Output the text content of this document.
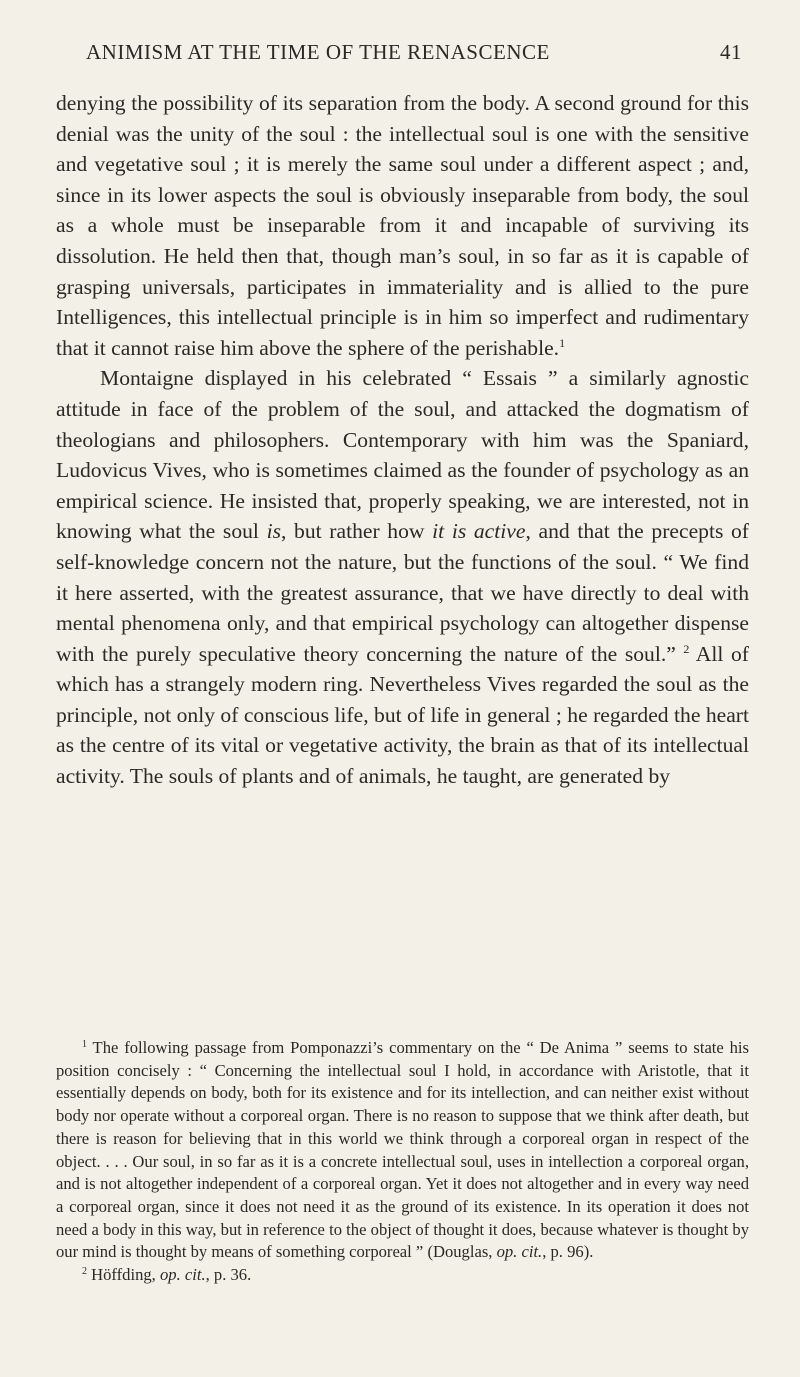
ANIMISM AT THE TIME OF THE RENASCENCE	41

denying the possibility of its separation from the body. A second ground for this denial was the unity of the soul : the intellectual soul is one with the sensitive and vegetative soul ; it is merely the same soul under a different aspect ; and, since in its lower aspects the soul is obviously inseparable from body, the soul as a whole must be inseparable from it and incapable of surviving its dissolution. He held then that, though man’s soul, in so far as it is capable of grasping universals, participates in immateriality and is allied to the pure Intelligences, this intellectual principle is in him so imperfect and rudimentary that it cannot raise him above the sphere of the perishable.$^1$

Montaigne displayed in his celebrated “ Essais ” a similarly agnostic attitude in face of the problem of the soul, and attacked the dogmatism of theologians and philosophers. Contemporary with him was the Spaniard, Ludovicus Vives, who is sometimes claimed as the founder of psychology as an empirical science. He insisted that, properly speaking, we are interested, not in knowing what the soul is, but rather how it is active, and that the precepts of self-knowledge concern not the nature, but the functions of the soul. “ We find it here asserted, with the greatest assurance, that we have directly to deal with mental phenomena only, and that empirical psychology can altogether dispense with the purely speculative theory concerning the nature of the soul.” $^2$ All of which has a strangely modern ring. Nevertheless Vives regarded the soul as the principle, not only of conscious life, but of life in general ; he regarded the heart as the centre of its vital or vegetative activity, the brain as that of its intellectual activity. The souls of plants and of animals, he taught, are generated by

$^1$ The following passage from Pomponazzi’s commentary on the “ De Anima ” seems to state his position concisely : “ Concerning the intellectual soul I hold, in accordance with Aristotle, that it essentially depends on body, both for its existence and for its intellection, and can neither exist without body nor operate without a corporeal organ. There is no reason to suppose that we think after death, but there is reason for believing that in this world we think through a corporeal organ in respect of the object. . . . Our soul, in so far as it is a concrete intellectual soul, uses in intellection a corporeal organ, and is not altogether independent of a corporeal organ. Yet it does not altogether and in every way need a corporeal organ, since it does not need it as the ground of its existence. In its operation it does not need a body in this way, but in reference to the object of thought it does, because whatever is thought by our mind is thought by means of something corporeal ” (Douglas, op. cit., p. 96).

$^2$ Höffding, op. cit., p. 36.
